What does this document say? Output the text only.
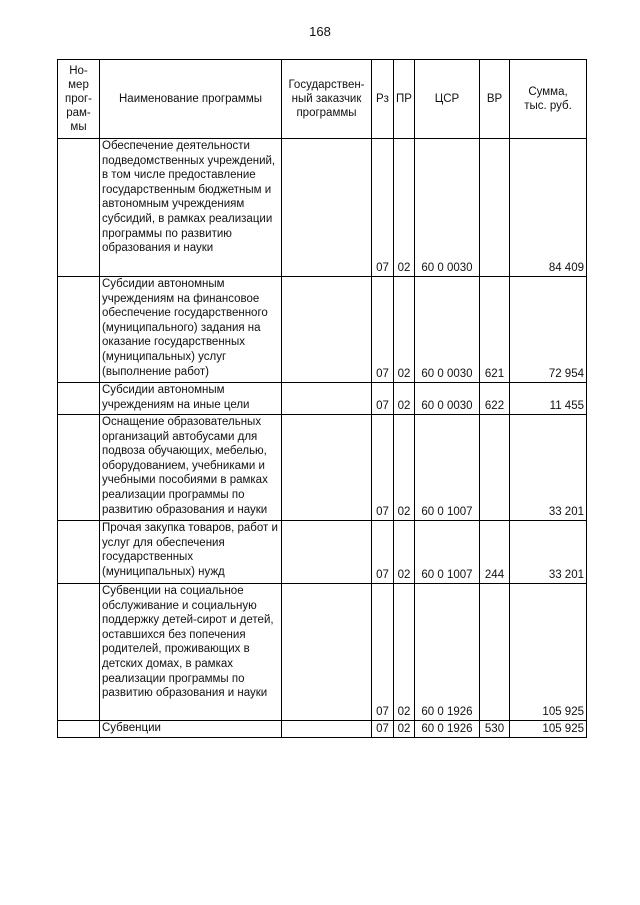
168
Но-
мер
прог-
рам-
мы	Наименование программы	Государствен-
ный заказчик
программы	Рз	ПР	ЦСР	ВР	Сумма,
тыс. руб.
	Обеспечение деятельности подведомственных учреждений, в том числе предоставление государственным бюджетным и автономным учреждениям субсидий, в рамках реализации программы по развитию образования и науки		07	02	60 0 0030		84 409
	Субсидии автономным учреждениям на финансовое обеспечение государственного (муниципального) задания на оказание государственных (муниципальных) услуг (выполнение работ)		07	02	60 0 0030	621	72 954
	Субсидии автономным учреждениям на иные цели		07	02	60 0 0030	622	11 455
	Оснащение образовательных организаций автобусами для подвоза обучающих, мебелью, оборудованием, учебниками и учебными пособиями в рамках реализации программы по развитию образования и науки		07	02	60 0 1007		33 201
	Прочая закупка товаров, работ и услуг для обеспечения государственных (муниципальных) нужд		07	02	60 0 1007	244	33 201
	Субвенции на социальное обслуживание и социальную поддержку детей-сирот и детей, оставшихся без попечения родителей, проживающих в детских домах, в рамках реализации программы по развитию образования и науки		07	02	60 0 1926		105 925
	Субвенции		07	02	60 0 1926	530	105 925
